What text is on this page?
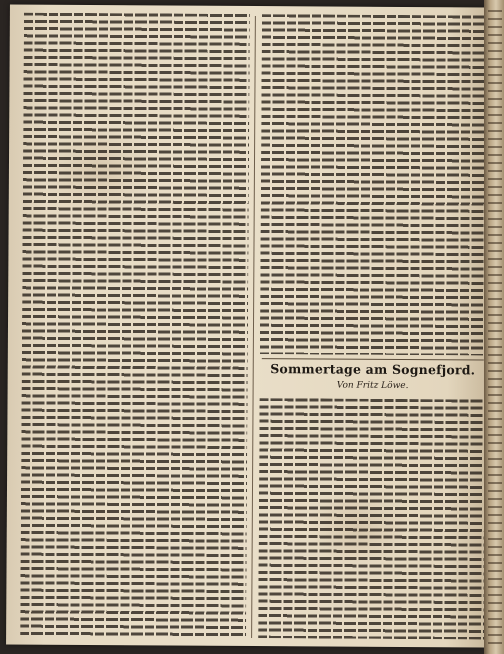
Sommertage am Sognefjord.
Von Fritz Löwe.
